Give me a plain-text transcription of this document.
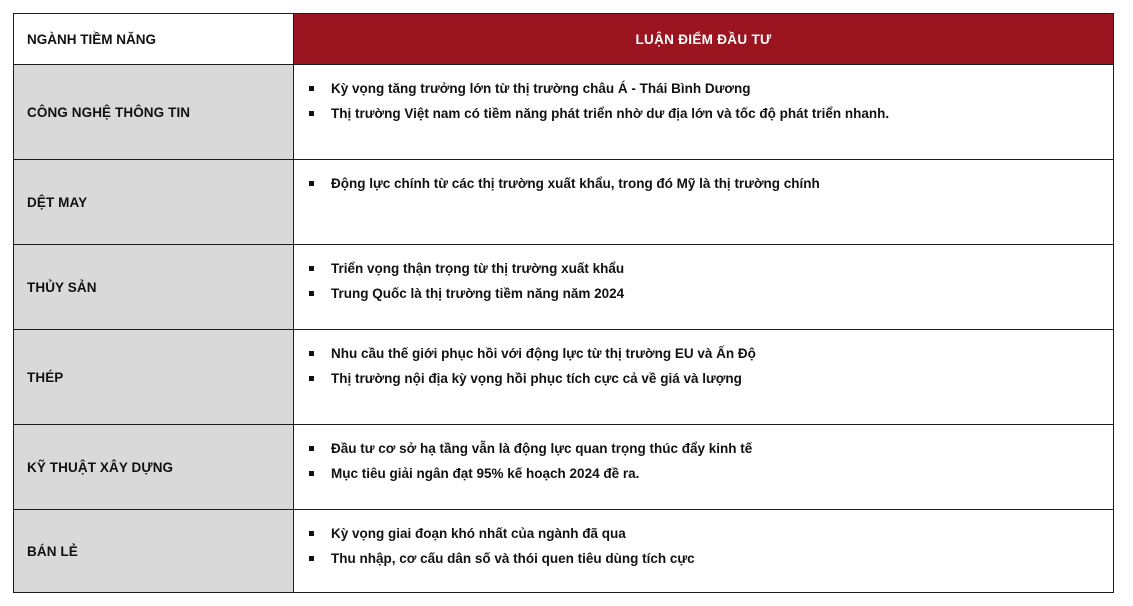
NGÀNH TIỀM NĂNG	LUẬN ĐIỂM ĐẦU TƯ
CÔNG NGHỆ THÔNG TIN
Kỳ vọng tăng trưởng lớn từ thị trường châu Á - Thái Bình Dương
Thị trường Việt nam có tiềm năng phát triển nhờ dư địa lớn và tốc độ phát triển nhanh.
DỆT MAY
Động lực chính từ các thị trường xuất khẩu, trong đó Mỹ là thị trường chính
THỦY SẢN
Triển vọng thận trọng từ thị trường xuất khẩu
Trung Quốc là thị trường tiềm năng năm 2024
THÉP
Nhu cầu thế giới phục hồi với động lực từ thị trường EU và Ấn Độ
Thị trường nội địa kỳ vọng hồi phục tích cực cả về giá và lượng
KỸ THUẬT XÂY DỰNG
Đầu tư cơ sở hạ tầng vẫn là động lực quan trọng thúc đẩy kinh tế
Mục tiêu giải ngân đạt 95% kế hoạch 2024 đề ra.
BÁN LẺ
Kỳ vọng giai đoạn khó nhất của ngành đã qua
Thu nhập, cơ cấu dân số và thói quen tiêu dùng tích cực
